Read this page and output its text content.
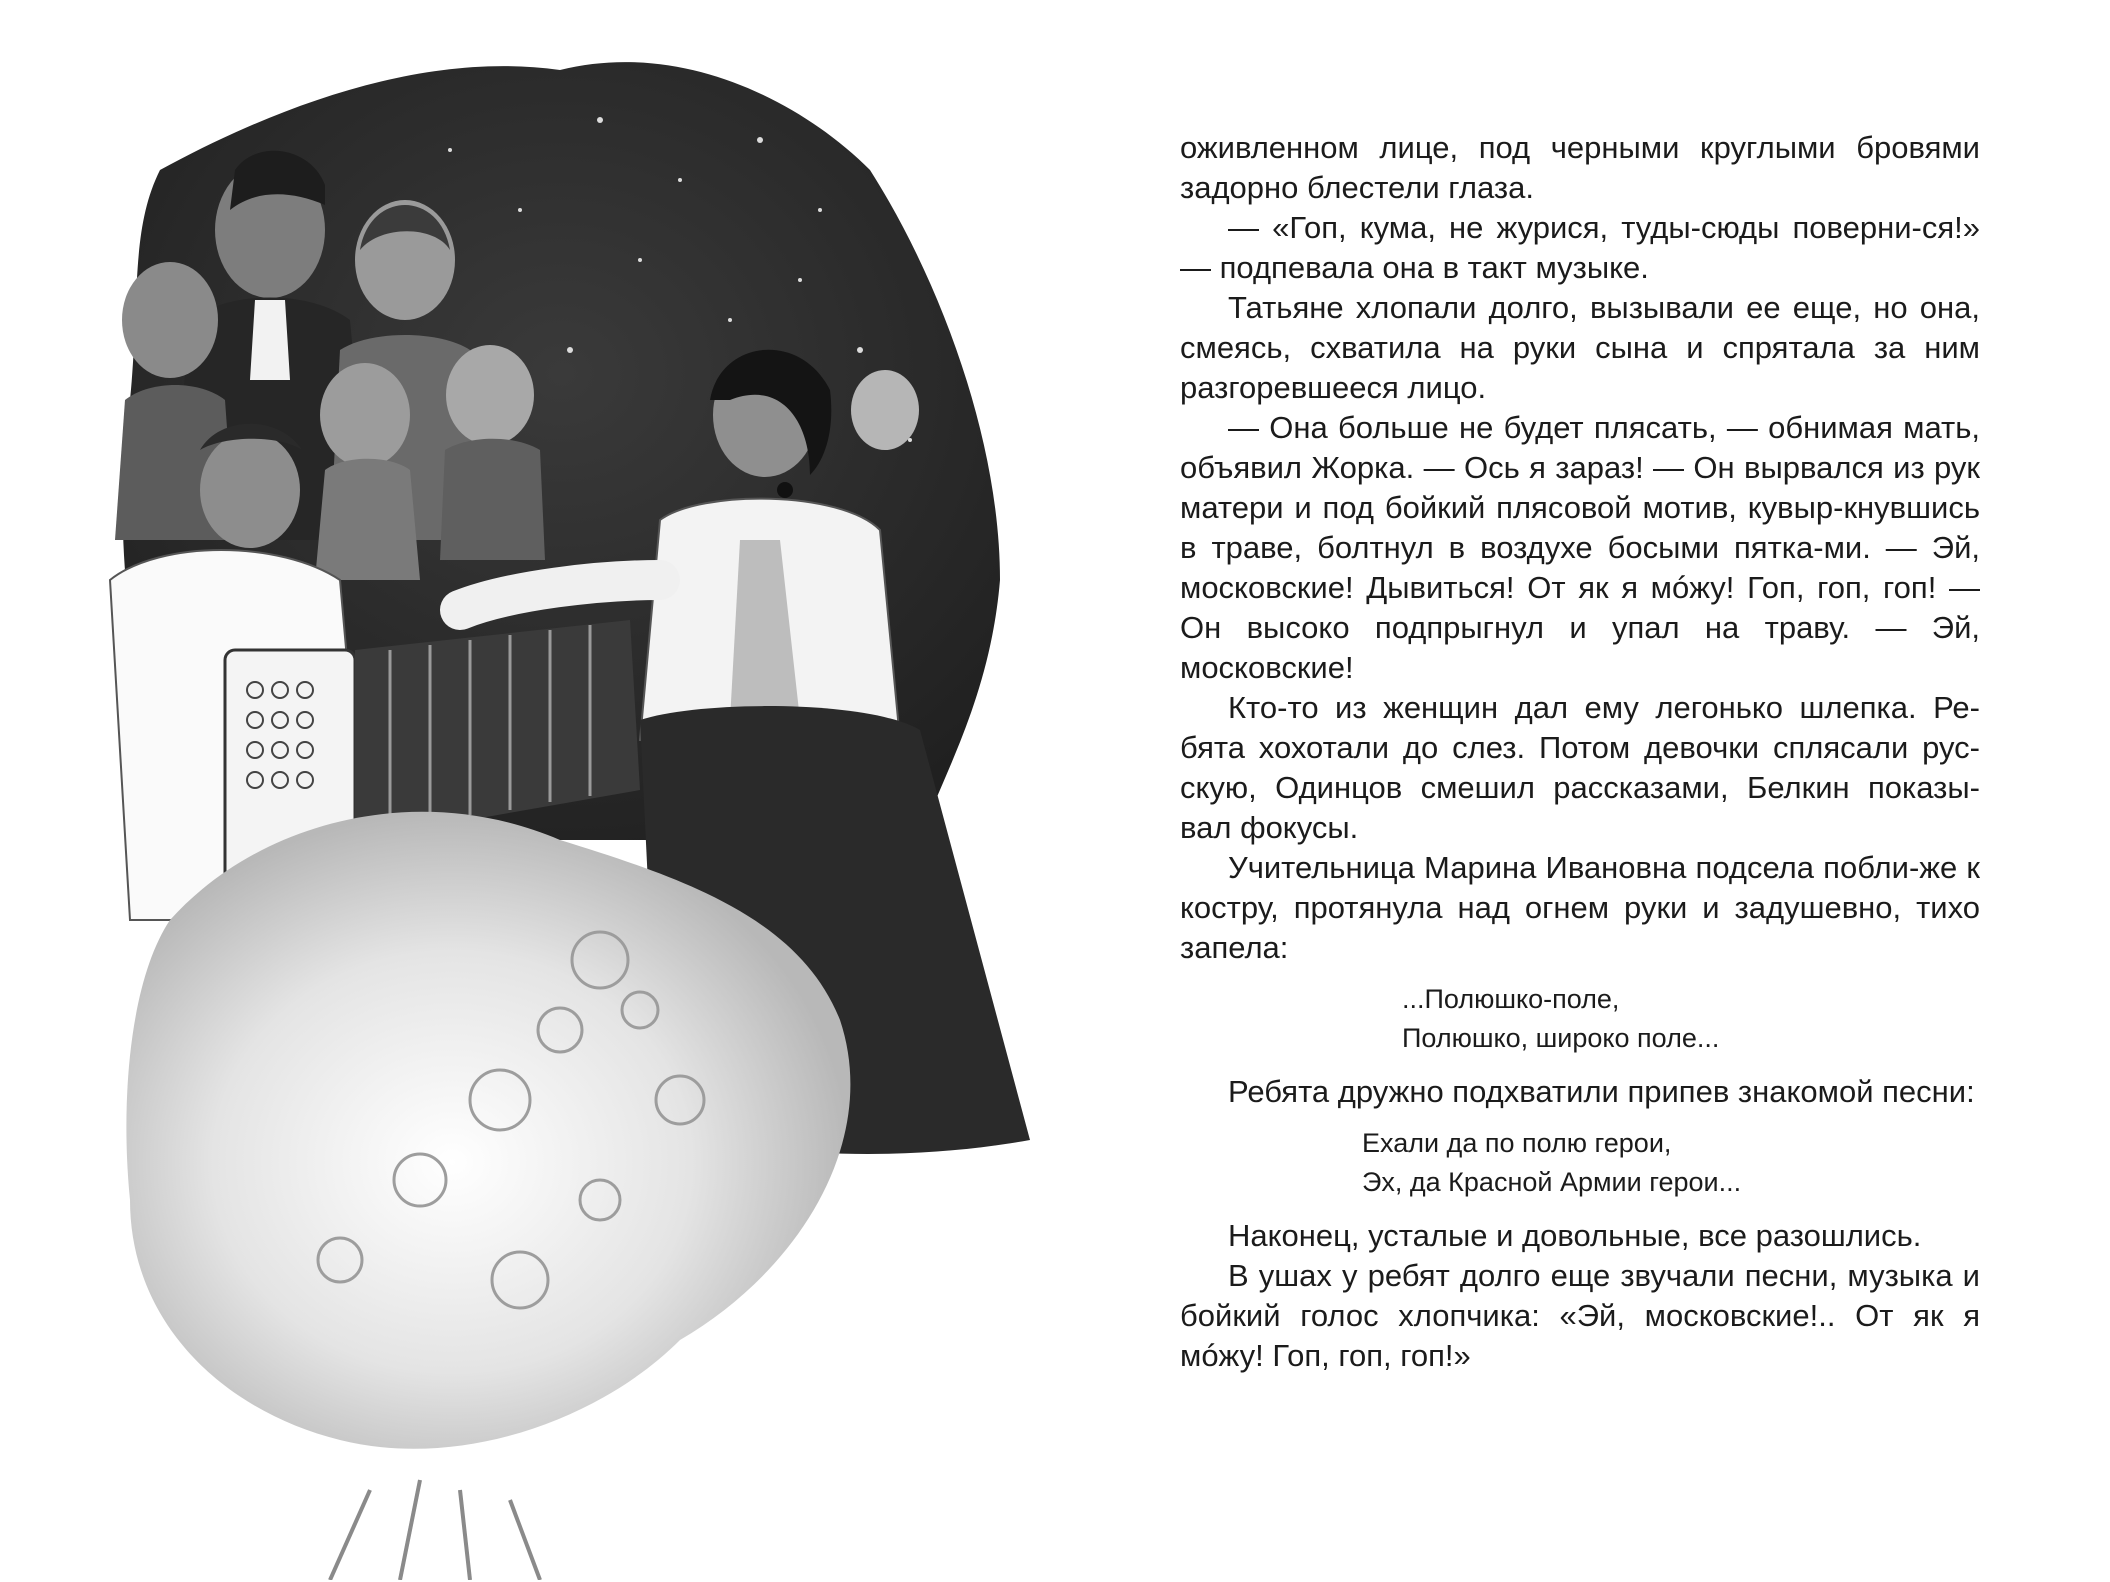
оживленном лице, под черными круглыми бровями задорно блестели глаза.

— «Гоп, кума, не журися, туды-сюды поверни-ся!» — подпевала она в такт музыке.

Татьяне хлопали долго, вызывали ее еще, но она, смеясь, схватила на руки сына и спрятала за ним разгоревшееся лицо.

— Она больше не будет плясать, — обнимая мать, объявил Жорка. — Ось я зараз! — Он вырвался из рук матери и под бойкий плясовой мотив, кувыр-кнувшись в траве, болтнул в воздухе босыми пятка-ми. — Эй, московские! Дывиться! От як я мóжу! Гоп, гоп, гоп! — Он высоко подпрыгнул и упал на траву. — Эй, московские!

Кто-то из женщин дал ему легонько шлепка. Ре-бята хохотали до слез. Потом девочки сплясали рус-скую, Одинцов смешил рассказами, Белкин показы-вал фокусы.

Учительница Марина Ивановна подсела побли-же к костру, протянула над огнем руки и задушевно, тихо запела:

...Полюшко-поле,
Полюшко, широко поле...

Ребята дружно подхватили припев знакомой песни:

Ехали да по полю герои,
Эх, да Красной Армии герои...

Наконец, усталые и довольные, все разошлись.

В ушах у ребят долго еще звучали песни, музыка и бойкий голос хлопчика: «Эй, московские!.. От як я мóжу! Гоп, гоп, гоп!»
